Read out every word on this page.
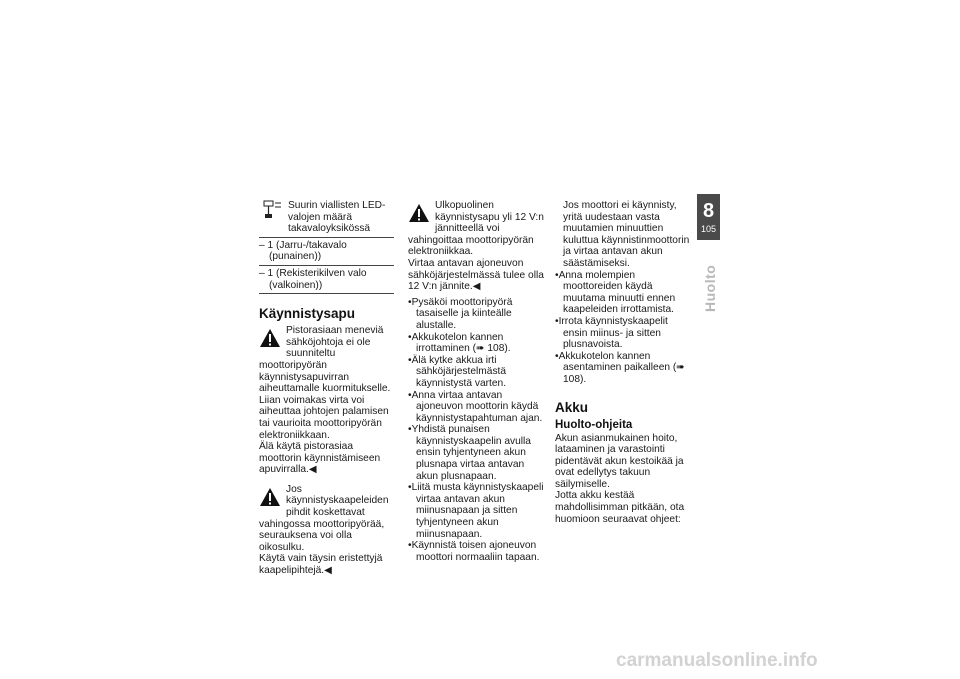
Suurin viallisten LED-valojen määrä takavaloyksikössä

– 1 (Jarru-/takavalo (punainen))

– 1 (Rekisterikilven valo (valkoinen))

Käynnistysapu

Pistorasiaan meneviä sähköjohtoja ei ole suunniteltu moottoripyörän käynnistysapuvirran aiheuttamalle kuormitukselle. Liian voimakas virta voi aiheuttaa johtojen palamisen tai vaurioita moottoripyörän elektroniikkaan.

Älä käytä pistorasiaa moottorin käynnistämiseen apuvirralla.◀

Jos käynnistyskaapeleiden pihdit koskettavat vahingossa moottoripyörää, seurauksena voi olla oikosulku.

Käytä vain täysin eristettyjä kaapelipihtejä.◀

Ulkopuolinen käynnistysapu yli 12 V:n jännitteellä voi vahingoittaa moottoripyörän elektroniikkaa.

Virtaa antavan ajoneuvon sähköjärjestelmässä tulee olla 12 V:n jännite.◀

• Pysäköi moottoripyörä tasaiselle ja kiinteälle alustalle.
• Akkukotelon kannen irrottaminen (➠ 108).
• Älä kytke akkua irti sähköjärjestelmästä käynnistystä varten.
• Anna virtaa antavan ajoneuvon moottorin käydä käynnistystapahtuman ajan.
• Yhdistä punaisen käynnistyskaapelin avulla ensin tyhjentyneen akun plusnapa virtaa antavan akun plusnapaan.
• Liitä musta käynnistyskaapeli virtaa antavan akun miinusnapaan ja sitten tyhjentyneen akun miinusnapaan.
• Käynnistä toisen ajoneuvon moottori normaaliin tapaan.

Jos moottori ei käynnisty, yritä uudestaan vasta muutamien minuuttien kuluttua käynnistinmoottorin ja virtaa antavan akun säästämiseksi.

• Anna molempien moottoreiden käydä muutama minuutti ennen kaapeleiden irrottamista.
• Irrota käynnistyskaapelit ensin miinus- ja sitten plusnavoista.
• Akkukotelon kannen asentaminen paikalleen (➠ 108).
Akku
Huolto-ohjeita

Akun asianmukainen hoito, lataaminen ja varastointi pidentävät akun kestoikää ja ovat edellytys takuun säilymiselle.

Jotta akku kestää mahdollisimman pitkään, ota huomioon seuraavat ohjeet:

8
105
Huolto
carmanualsonline.info
